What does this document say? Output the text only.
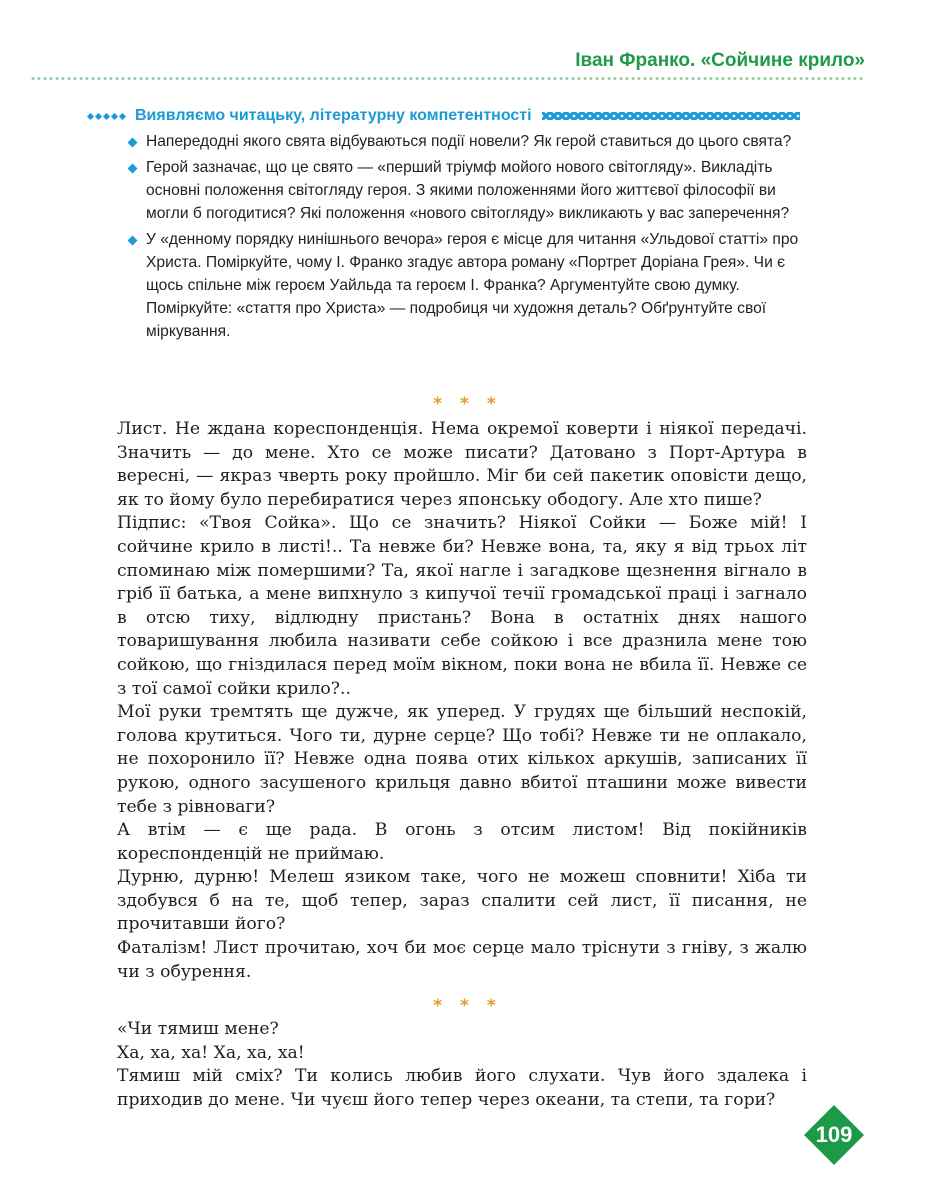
Іван Франко. «Сойчине крило»
Виявляємо читацьку, літературну компетентності
Напередодні якого свята відбуваються події новели? Як герой ставиться до цього свята?
Герой зазначає, що це свято — «перший тріумф мойого нового світогляду». Викладіть основні положення світогляду героя. З якими положеннями його життєвої філософії ви могли б погодитися? Які положення «нового світогляду» викликають у вас заперечення?
У «денному порядку нинішнього вечора» героя є місце для читання «Ульдової статті» про Христа. Поміркуйте, чому І. Франко згадує автора роману «Портрет Доріана Грея». Чи є щось спільне між героєм Уайльда та героєм І. Франка? Аргументуйте свою думку. Поміркуйте: «стаття про Христа» — подробиця чи художня деталь? Обґрунтуйте свої міркування.
* * *

Лист. Не ждана кореспонденція. Нема окремої коверти і ніякої передачі. Значить — до мене. Хто се може писати? Датовано з Порт-Артура в вересні, — якраз чверть року пройшло. Міг би сей пакетик оповісти дещо, як то йому було перебиратися через японську ободогу. Але хто пише?

Підпис: «Твоя Сойка». Що се значить? Ніякої Сойки — Боже мій! І сойчине крило в листі!.. Та невже би? Невже вона, та, яку я від трьох літ споминаю між помершими? Та, якої нагле і загадкове щезнення вігнало в гріб її батька, а мене випхнуло з кипучої течії громадської праці і загнало в отсю тиху, відлюдну пристань? Вона в остатніх днях нашого товаришування любила називати себе сойкою і все дразнила мене тою сойкою, що гніздилася перед моїм вікном, поки вона не вбила її. Невже се з тої самої сойки крило?..

Мої руки тремтять ще дужче, як уперед. У грудях ще більший неспокій, голова крутиться. Чого ти, дурне серце? Що тобі? Невже ти не оплакало, не похоронило її? Невже одна поява отих кількох аркушів, записаних її рукою, одного засушеного крильця давно вбитої пташини може вивести тебе з рівноваги?

А втім — є ще рада. В огонь з отсим листом! Від покійників кореспонденцій не приймаю.

Дурню, дурню! Мелеш язиком таке, чого не можеш сповнити! Хіба ти здобувся б на те, щоб тепер, зараз спалити сей лист, її писання, не прочитавши його?

Фаталізм! Лист прочитаю, хоч би моє серце мало тріснути з гніву, з жалю чи з обурення.

* * *

«Чи тямиш мене?

Ха, ха, ха! Ха, ха, ха!

Тямиш мій сміх? Ти колись любив його слухати. Чув його здалека і приходив до мене. Чи чуєш його тепер через океани, та степи, та гори?

109
